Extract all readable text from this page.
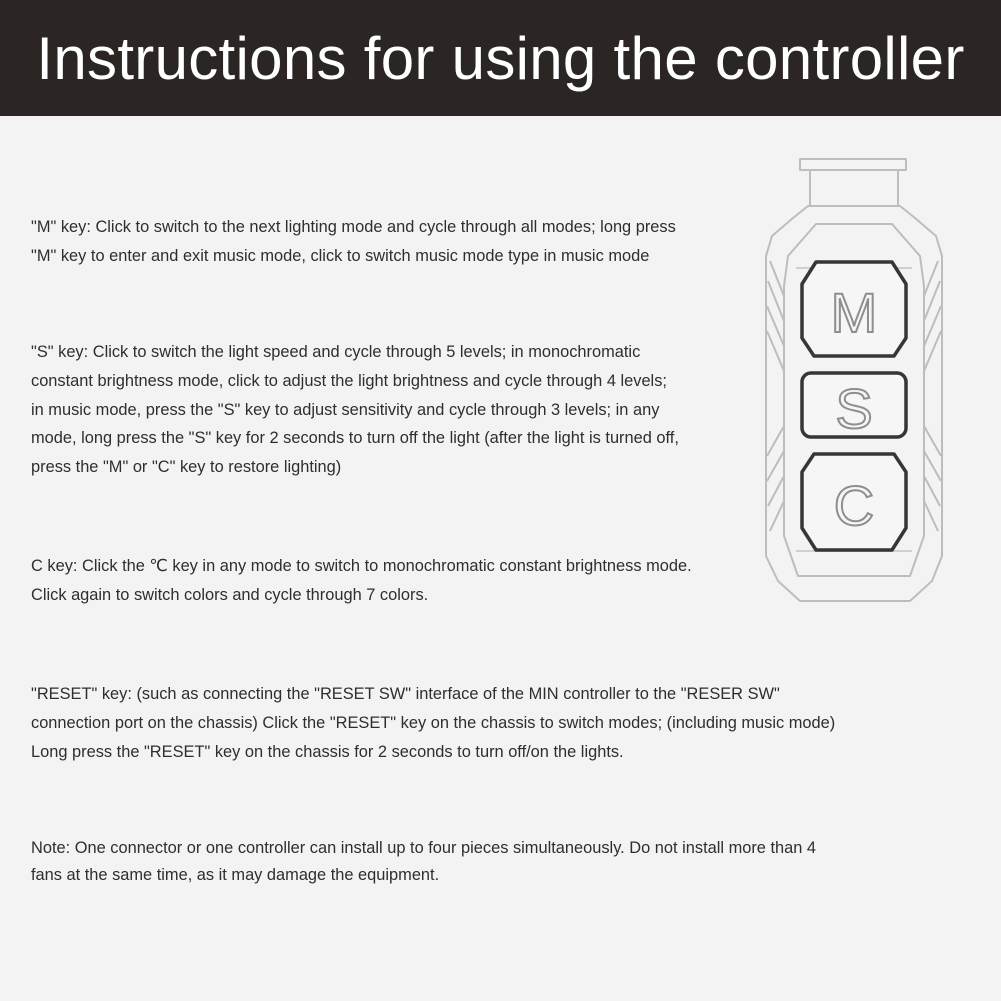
Instructions for using the controller
"M" key: Click to switch to the next lighting mode and cycle through all modes; long press
"M" key to enter and exit music mode, click to switch music mode type in music mode
"S" key: Click to switch the light speed and cycle through 5 levels; in monochromatic
constant brightness mode, click to adjust the light brightness and cycle through 4 levels;
in music mode, press the "S" key to adjust sensitivity and cycle through 3 levels; in any
mode, long press the "S" key for 2 seconds to turn off the light (after the light is turned off,
press the "M" or "C" key to restore lighting)
C key: Click the ℃ key in any mode to switch to monochromatic constant brightness mode.
Click again to switch colors and cycle through 7 colors.
"RESET" key: (such as connecting the "RESET SW" interface of the MIN controller to the "RESER SW"
connection port on the chassis) Click the "RESET" key on the chassis to switch modes; (including music mode)
Long press the "RESET" key on the chassis for 2 seconds to turn off/on the lights.
Note: One connector or one controller can install up to four pieces simultaneously. Do not install more than 4
fans at the same time, as it may damage the equipment.
M
S
C
